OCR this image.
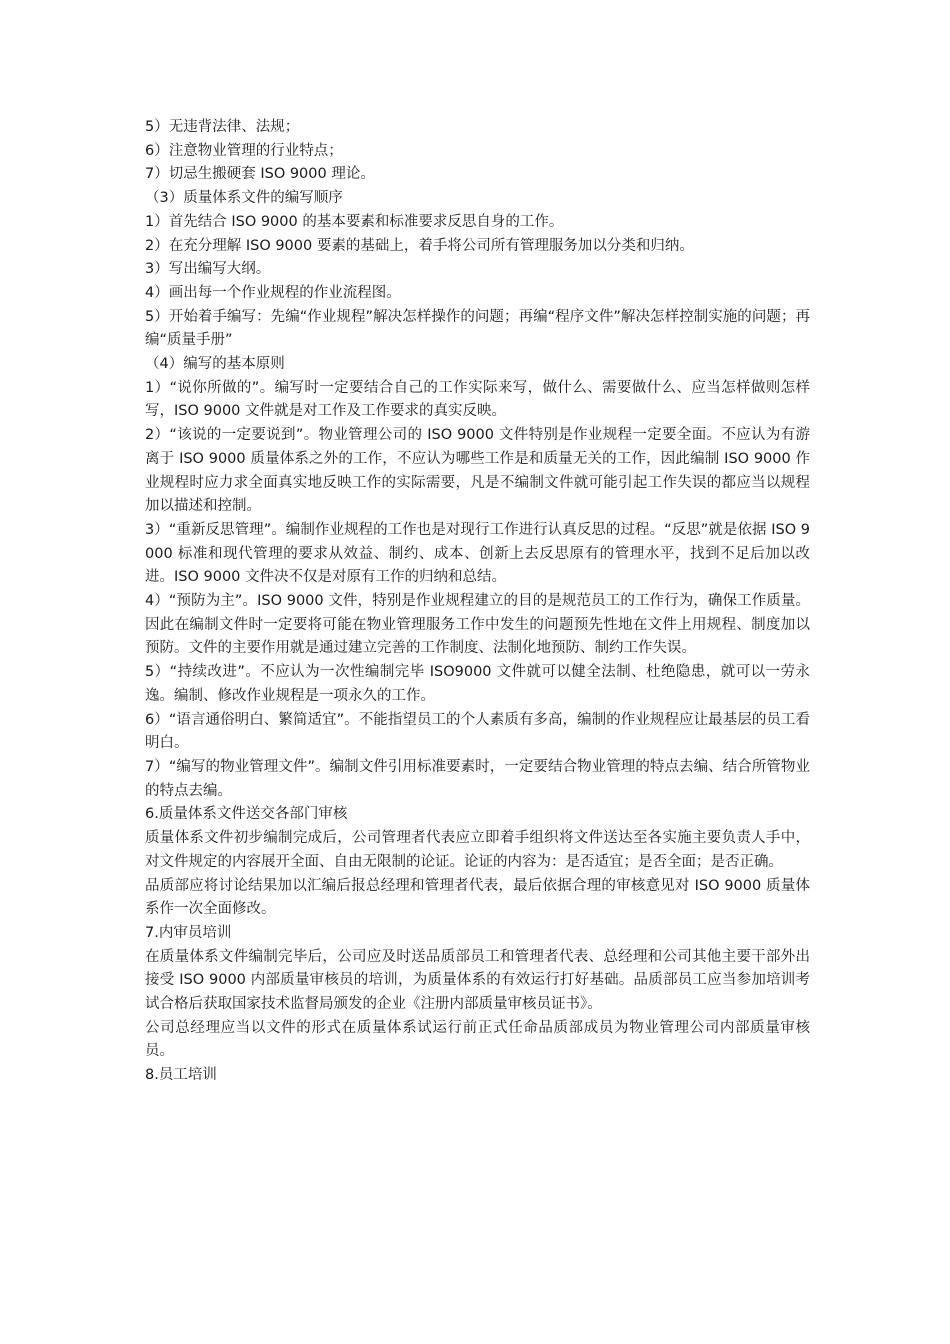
5）无违背法律、法规；

6）注意物业管理的行业特点；

7）切忌生搬硬套 ISO 9000 理论。

（3）质量体系文件的编写顺序

1）首先结合 ISO 9000 的基本要素和标准要求反思自身的工作。

2）在充分理解 ISO 9000 要素的基础上，着手将公司所有管理服务加以分类和归纳。

3）写出编写大纲。

4）画出每一个作业规程的作业流程图。

5）开始着手编写：先编“作业规程”解决怎样操作的问题；再编“程序文件”解决怎样控制实施的问题；再编“质量手册”

（4）编写的基本原则

1）“说你所做的”。编写时一定要结合自己的工作实际来写，做什么、需要做什么、应当怎样做则怎样写，ISO 9000 文件就是对工作及工作要求的真实反映。

2）“该说的一定要说到”。物业管理公司的 ISO 9000 文件特别是作业规程一定要全面。不应认为有游离于 ISO 9000 质量体系之外的工作，不应认为哪些工作是和质量无关的工作，因此编制 ISO 9000 作业规程时应力求全面真实地反映工作的实际需要，凡是不编制文件就可能引起工作失误的都应当以规程加以描述和控制。

3）“重新反思管理”。编制作业规程的工作也是对现行工作进行认真反思的过程。“反思”就是依据 ISO 9000 标准和现代管理的要求从效益、制约、成本、创新上去反思原有的管理水平，找到不足后加以改进。ISO 9000 文件决不仅是对原有工作的归纳和总结。

4）“预防为主”。ISO 9000 文件，特别是作业规程建立的目的是规范员工的工作行为，确保工作质量。因此在编制文件时一定要将可能在物业管理服务工作中发生的问题预先性地在文件上用规程、制度加以预防。文件的主要作用就是通过建立完善的工作制度、法制化地预防、制约工作失误。

5）“持续改进”。不应认为一次性编制完毕 ISO9000 文件就可以健全法制、杜绝隐患，就可以一劳永逸。编制、修改作业规程是一项永久的工作。

6）“语言通俗明白、繁简适宜”。不能指望员工的个人素质有多高，编制的作业规程应让最基层的员工看明白。

7）“编写的物业管理文件”。编制文件引用标准要素时，一定要结合物业管理的特点去编、结合所管物业的特点去编。

6.质量体系文件送交各部门审核

质量体系文件初步编制完成后，公司管理者代表应立即着手组织将文件送达至各实施主要负责人手中，对文件规定的内容展开全面、自由无限制的论证。论证的内容为：是否适宜；是否全面；是否正确。

品质部应将讨论结果加以汇编后报总经理和管理者代表，最后依据合理的审核意见对 ISO 9000 质量体系作一次全面修改。

7.内审员培训

在质量体系文件编制完毕后，公司应及时送品质部员工和管理者代表、总经理和公司其他主要干部外出接受 ISO 9000 内部质量审核员的培训，为质量体系的有效运行打好基础。品质部员工应当参加培训考试合格后获取国家技术监督局颁发的企业《注册内部质量审核员证书》。

公司总经理应当以文件的形式在质量体系试运行前正式任命品质部成员为物业管理公司内部质量审核员。

8.员工培训
